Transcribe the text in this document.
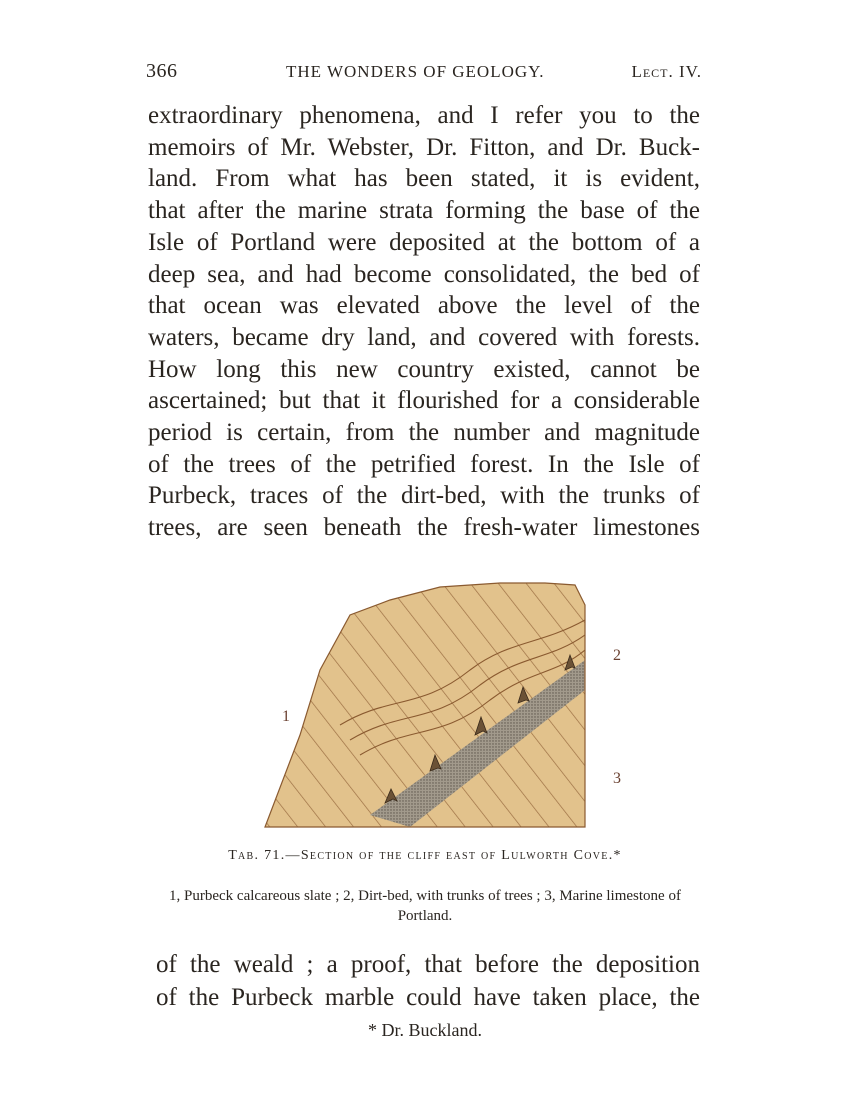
366	THE WONDERS OF GEOLOGY.	Lect. IV.
extraordinary phenomena, and I refer you to the
memoirs of Mr. Webster, Dr. Fitton, and Dr. Buck-
land. From what has been stated, it is evident,
that after the marine strata forming the base of the
Isle of Portland were deposited at the bottom of a
deep sea, and had become consolidated, the bed of
that ocean was elevated above the level of the
waters, became dry land, and covered with forests.
How long this new country existed, cannot be
ascertained; but that it flourished for a considerable
period is certain, from the number and magnitude
of the trees of the petrified forest. In the Isle of
Purbeck, traces of the dirt-bed, with the trunks of
trees, are seen beneath the fresh-water limestones
1
2
3
Tab. 71.—Section of the cliff east of Lulworth Cove.*
1, Purbeck calcareous slate ; 2, Dirt-bed, with trunks of trees ; 3, Marine limestone of Portland.
of the weald ; a proof, that before the deposition
of the Purbeck marble could have taken place, the
* Dr. Buckland.
